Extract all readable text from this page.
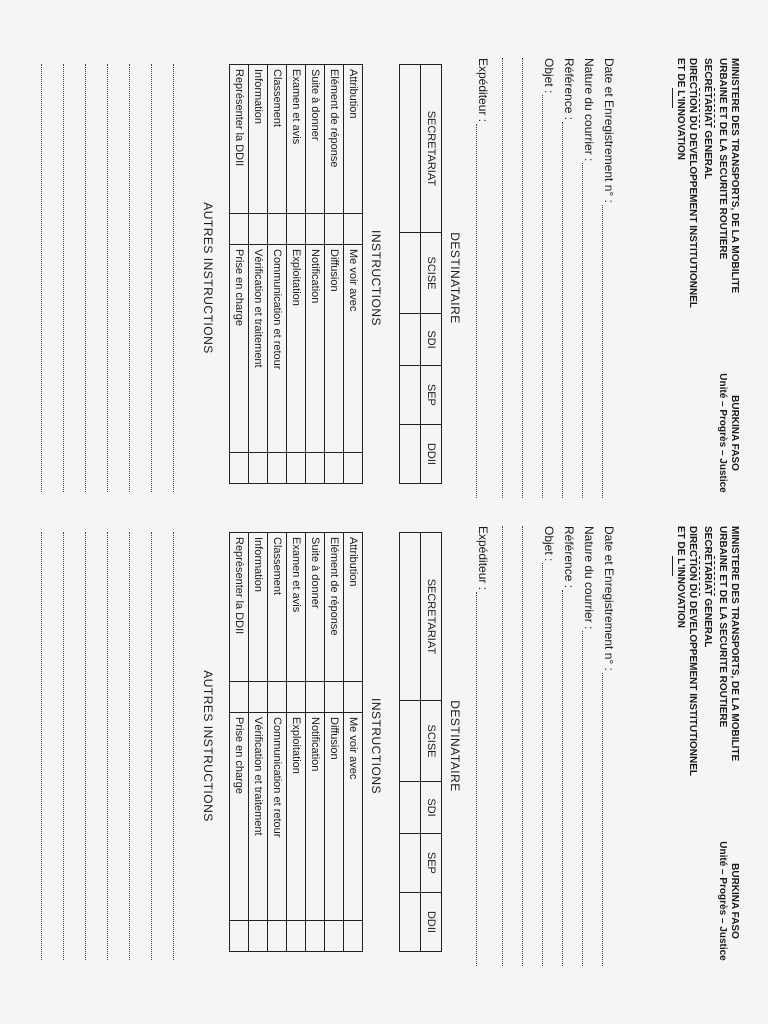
MINISTERE DES TRANSPORTS, DE LA MOBILITE
URBAINE ET DE LA SECURITE ROUTIERE
SECRETARIAT GENERAL
DIRECTION DU DEVELOPPEMENT INSTITUTIONNEL
ET DE L'INNOVATION
BURKINA FASO
Unité – Progrès – Justice
Date et Enregistrement n° :
Nature du courrier :
Référence :
Objet :
Expéditeur :
DESTINATAIRE
SECRETARIAT	SCISE	SDI	SEP	DDII

INSTRUCTIONS
Attribution		Me voir avec	
Elément de réponse		Diffusion	
Suite à donner		Notification	
Examen et avis		Exploitation	
Classement		Communication et retour	
Information		Vérification et traitement	
Représenter la DDII		Prise en charge	
AUTRES INSTRUCTIONS
MINISTERE DES TRANSPORTS, DE LA MOBILITE
URBAINE ET DE LA SECURITE ROUTIERE
SECRETARIAT GENERAL
DIRECTION DU DEVELOPPEMENT INSTITUTIONNEL
ET DE L'INNOVATION
BURKINA FASO
Unité – Progrès – Justice
Date et Enregistrement n° :
Nature du courrier :
Référence :
Objet :
Expéditeur :
DESTINATAIRE
SECRETARIAT	SCISE	SDI	SEP	DDII

INSTRUCTIONS
Attribution		Me voir avec	
Elément de réponse		Diffusion	
Suite à donner		Notification	
Examen et avis		Exploitation	
Classement		Communication et retour	
Information		Vérification et traitement	
Représenter la DDII		Prise en charge	
AUTRES INSTRUCTIONS
